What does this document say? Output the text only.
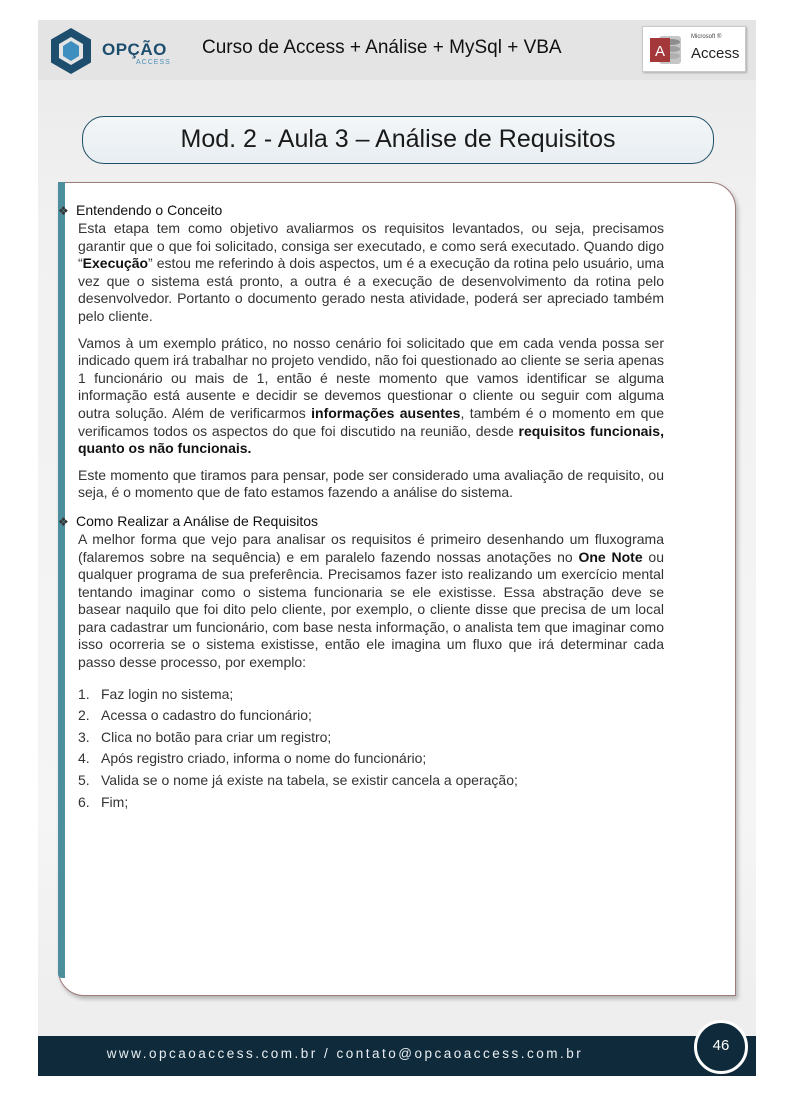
OPÇÃO
ACCESS
Curso de Access + Análise + MySql + VBA	A
Microsoft ®
Access
Mod. 2 - Aula 3 – Análise de Requisitos
www.opcaoaccess.com.br / contato@opcaoaccess.com.br	46
❖ Entendendo o Conceito

Esta etapa tem como objetivo avaliarmos os requisitos levantados, ou seja, precisamos garantir que o que foi solicitado, consiga ser executado, e como será executado. Quando digo “Execução” estou me referindo à dois aspectos, um é a execução da rotina pelo usuário, uma vez que o sistema está pronto, a outra é a execução de desenvolvimento da rotina pelo desenvolvedor. Portanto o documento gerado nesta atividade, poderá ser apreciado também pelo cliente.

Vamos à um exemplo prático, no nosso cenário foi solicitado que em cada venda possa ser indicado quem irá trabalhar no projeto vendido, não foi questionado ao cliente se seria apenas 1 funcionário ou mais de 1, então é neste momento que vamos identificar se alguma informação está ausente e decidir se devemos questionar o cliente ou seguir com alguma outra solução. Além de verificarmos informações ausentes, também é o momento em que verificamos todos os aspectos do que foi discutido na reunião, desde requisitos funcionais, quanto os não funcionais.

Este momento que tiramos para pensar, pode ser considerado uma avaliação de requisito, ou seja, é o momento que de fato estamos fazendo a análise do sistema.

❖ Como Realizar a Análise de Requisitos

A melhor forma que vejo para analisar os requisitos é primeiro desenhando um fluxograma (falaremos sobre na sequência) e em paralelo fazendo nossas anotações no One Note ou qualquer programa de sua preferência. Precisamos fazer isto realizando um exercício mental tentando imaginar como o sistema funcionaria se ele existisse. Essa abstração deve se basear naquilo que foi dito pelo cliente, por exemplo, o cliente disse que precisa de um local para cadastrar um funcionário, com base nesta informação, o analista tem que imaginar como isso ocorreria se o sistema existisse, então ele imagina um fluxo que irá determinar cada passo desse processo, por exemplo:

1. Faz login no sistema;
2. Acessa o cadastro do funcionário;
3. Clica no botão para criar um registro;
4. Após registro criado, informa o nome do funcionário;
5. Valida se o nome já existe na tabela, se existir cancela a operação;
6. Fim;
